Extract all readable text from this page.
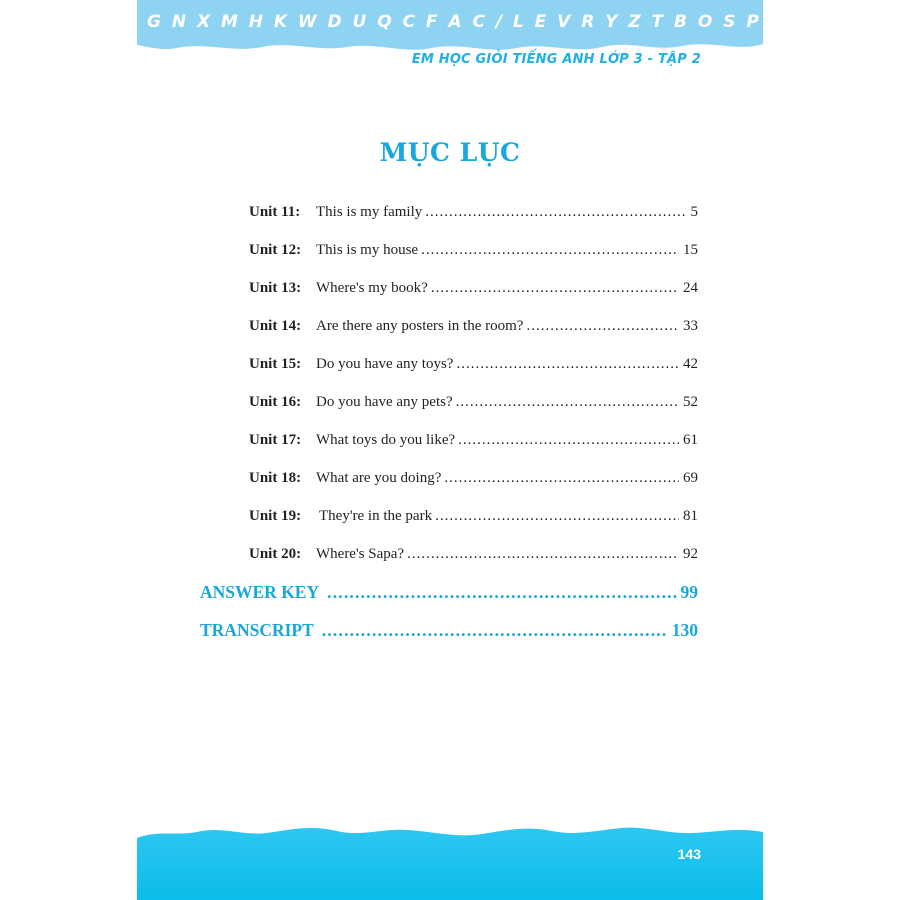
G N X M H K W D U Q C F A C / L E V R Y Z T B O S P
EM HỌC GIỎI TIẾNG ANH LỚP 3 - TẬP 2
MỤC LỤC
Unit 11:	This is my family .....	5
Unit 12: This is my house .....	15
Unit 13: Where's my book? .....	24
Unit 14: Are there any posters in the room? .....	33
Unit 15: Do you have any toys? .....	42
Unit 16: Do you have any pets? .....	52
Unit 17: What toys do you like? .....	61
Unit 18: What are you doing? .....	69
Unit 19:	They're in the park .....	81
Unit 20: Where's Sapa? .....	92
ANSWER KEY .....	99
TRANSCRIPT .....	130
143
